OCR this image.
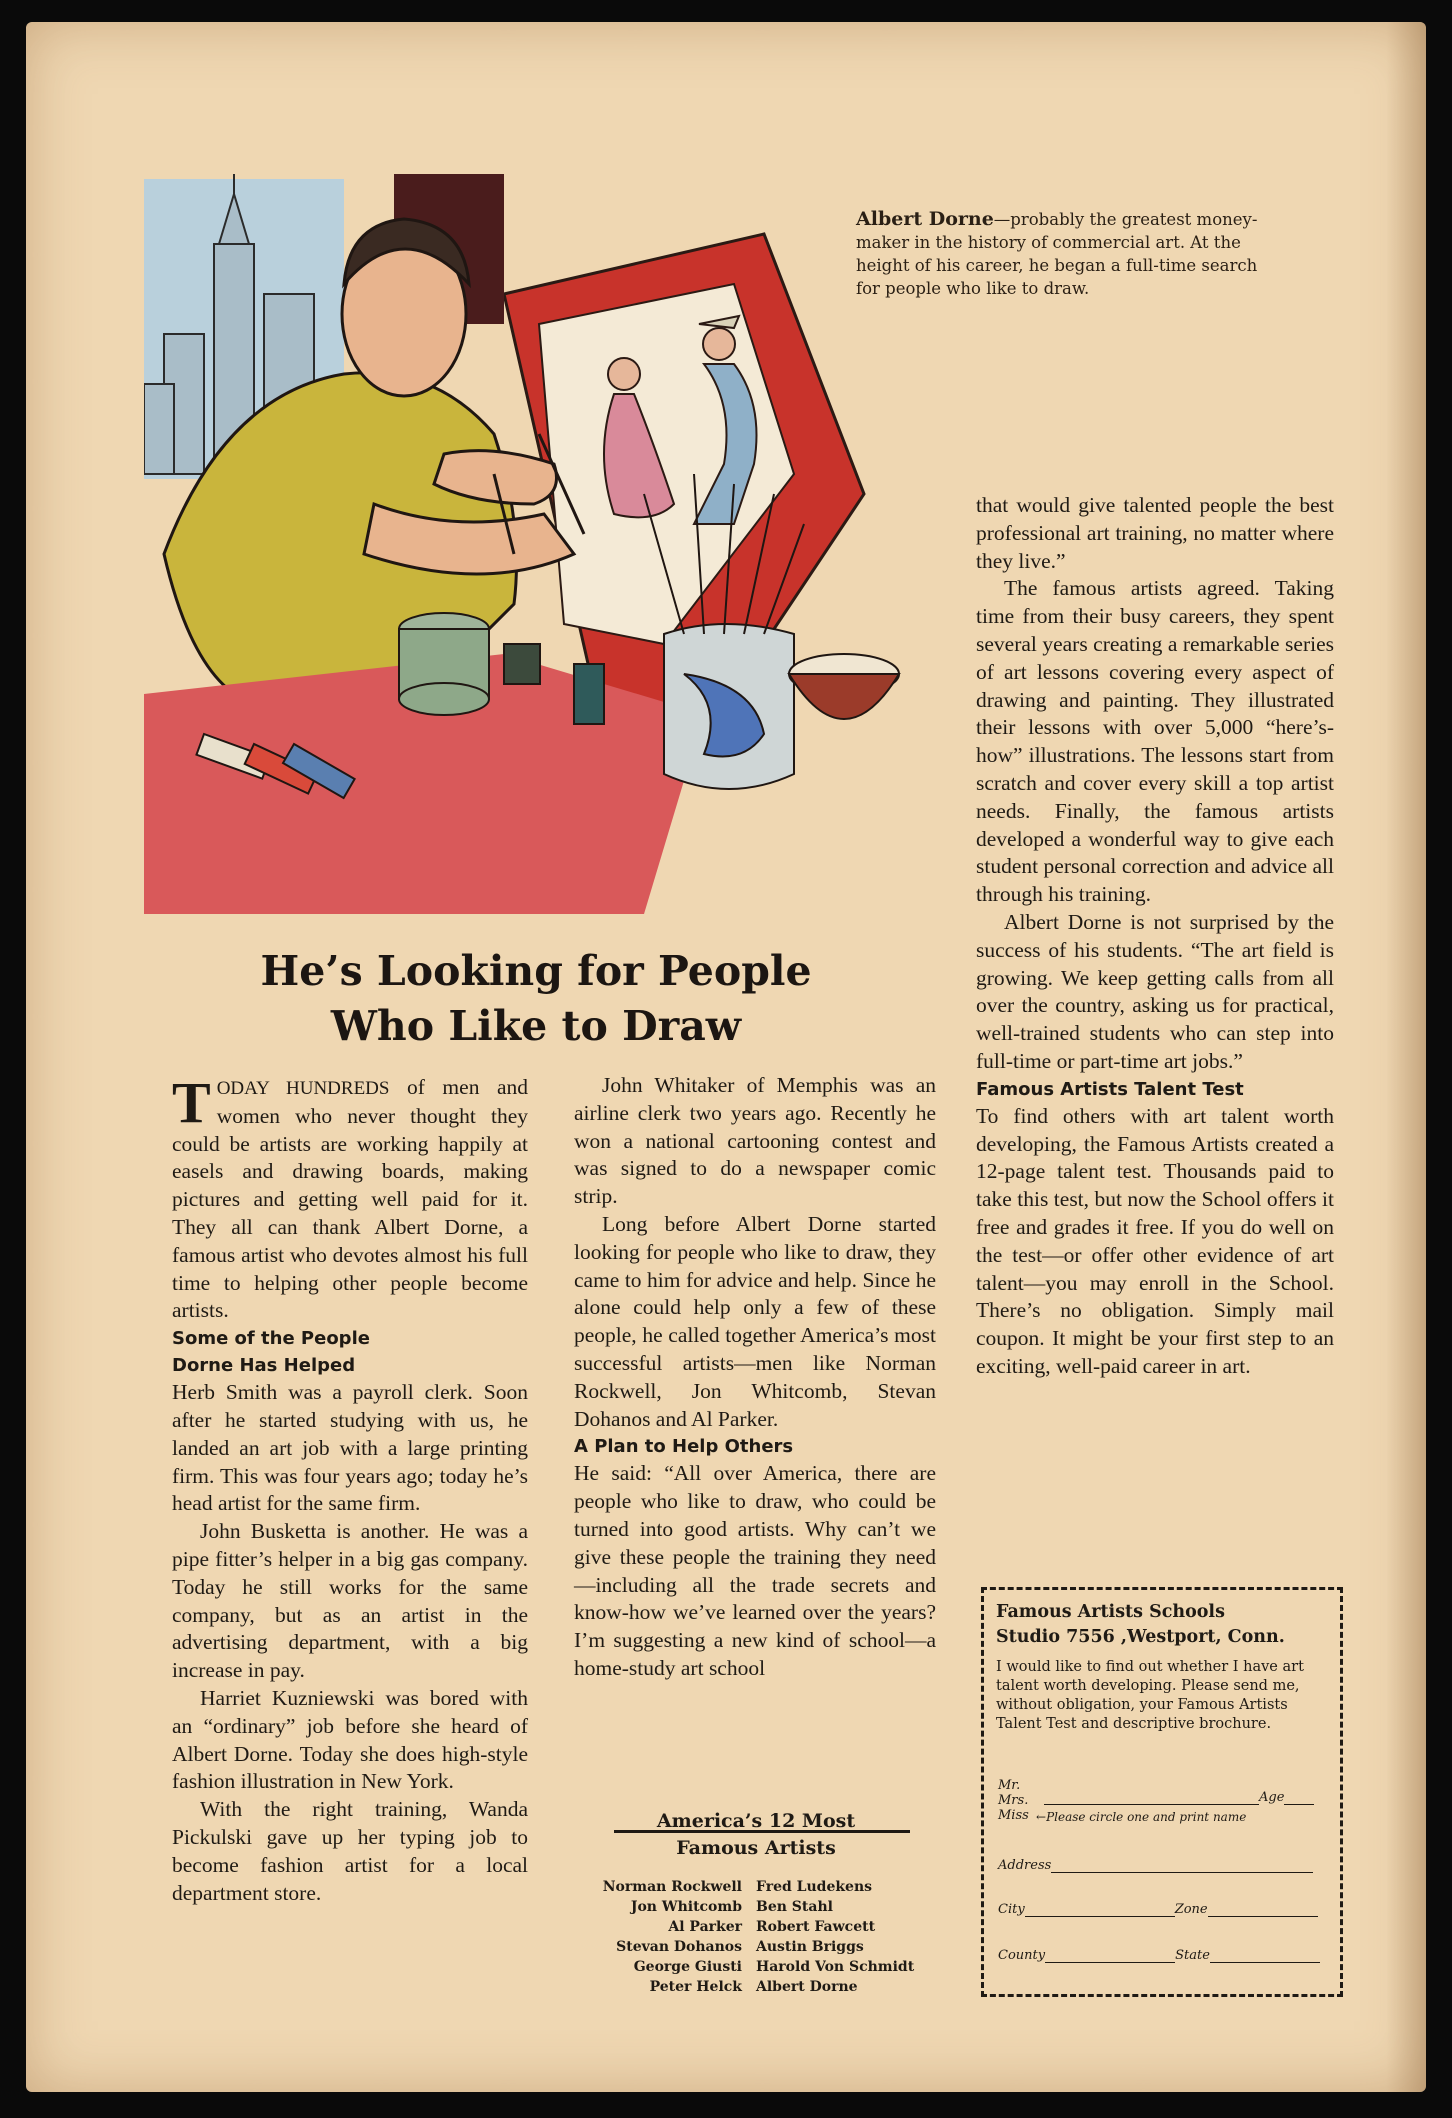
Albert Dorne—probably the greatest money-maker in the history of commercial art. At the height of his career, he began a full-time search for people who like to draw.
He’s Looking for People
Who Like to Draw

TODAY HUNDREDS of men and women who never thought they could be artists are working happily at easels and drawing boards, making pictures and getting well paid for it. They all can thank Albert Dorne, a famous artist who devotes almost his full time to helping other people become artists.

Some of the People

Dorne Has Helped

Herb Smith was a payroll clerk. Soon after he started studying with us, he landed an art job with a large printing firm. This was four years ago; today he’s head artist for the same firm.

John Busketta is another. He was a pipe fitter’s helper in a big gas company. Today he still works for the same company, but as an artist in the advertising department, with a big increase in pay.

Harriet Kuzniewski was bored with an “ordinary” job before she heard of Albert Dorne. Today she does high-style fashion illustration in New York.

With the right training, Wanda Pickulski gave up her typing job to become fashion artist for a local department store.

John Whitaker of Memphis was an airline clerk two years ago. Recently he won a national cartooning contest and was signed to do a newspaper comic strip.

Long before Albert Dorne started looking for people who like to draw, they came to him for advice and help. Since he alone could help only a few of these people, he called together America’s most successful artists—men like Norman Rockwell, Jon Whitcomb, Stevan Dohanos and Al Parker.

A Plan to Help Others

He said: “All over America, there are people who like to draw, who could be turned into good artists. Why can’t we give these people the training they need—including all the trade secrets and know-how we’ve learned over the years? I’m suggesting a new kind of school—a home-study art school

America’s 12 Most
Famous Artists
Norman Rockwell	Fred Ludekens
Jon Whitcomb	Ben Stahl
Al Parker	Robert Fawcett
Stevan Dohanos	Austin Briggs
George Giusti	Harold Von Schmidt
Peter Helck	Albert Dorne

that would give talented people the best professional art training, no matter where they live.”

The famous artists agreed. Taking time from their busy careers, they spent several years creating a remarkable series of art lessons covering every aspect of drawing and painting. They illustrated their lessons with over 5,000 “here’s-how” illustrations. The lessons start from scratch and cover every skill a top artist needs. Finally, the famous artists developed a wonderful way to give each student personal correction and advice all through his training.

Albert Dorne is not surprised by the success of his students. “The art field is growing. We keep getting calls from all over the country, asking us for practical, well-trained students who can step into full-time or part-time art jobs.”

Famous Artists Talent Test

To find others with art talent worth developing, the Famous Artists created a 12-page talent test. Thousands paid to take this test, but now the School offers it free and grades it free. If you do well on the test—or offer other evidence of art talent—you may enroll in the School. There’s no obligation. Simply mail coupon. It might be your first step to an exciting, well-paid career in art.

Famous Artists Schools
Studio 7556 ,Westport, Conn.
I would like to find out whether I have art talent worth developing. Please send me, without obligation, your Famous Artists Talent Test and descriptive brochure.
Mr.
Mrs.
Miss
Age
←Please circle one and print name
Address
City	Zone
County	State
